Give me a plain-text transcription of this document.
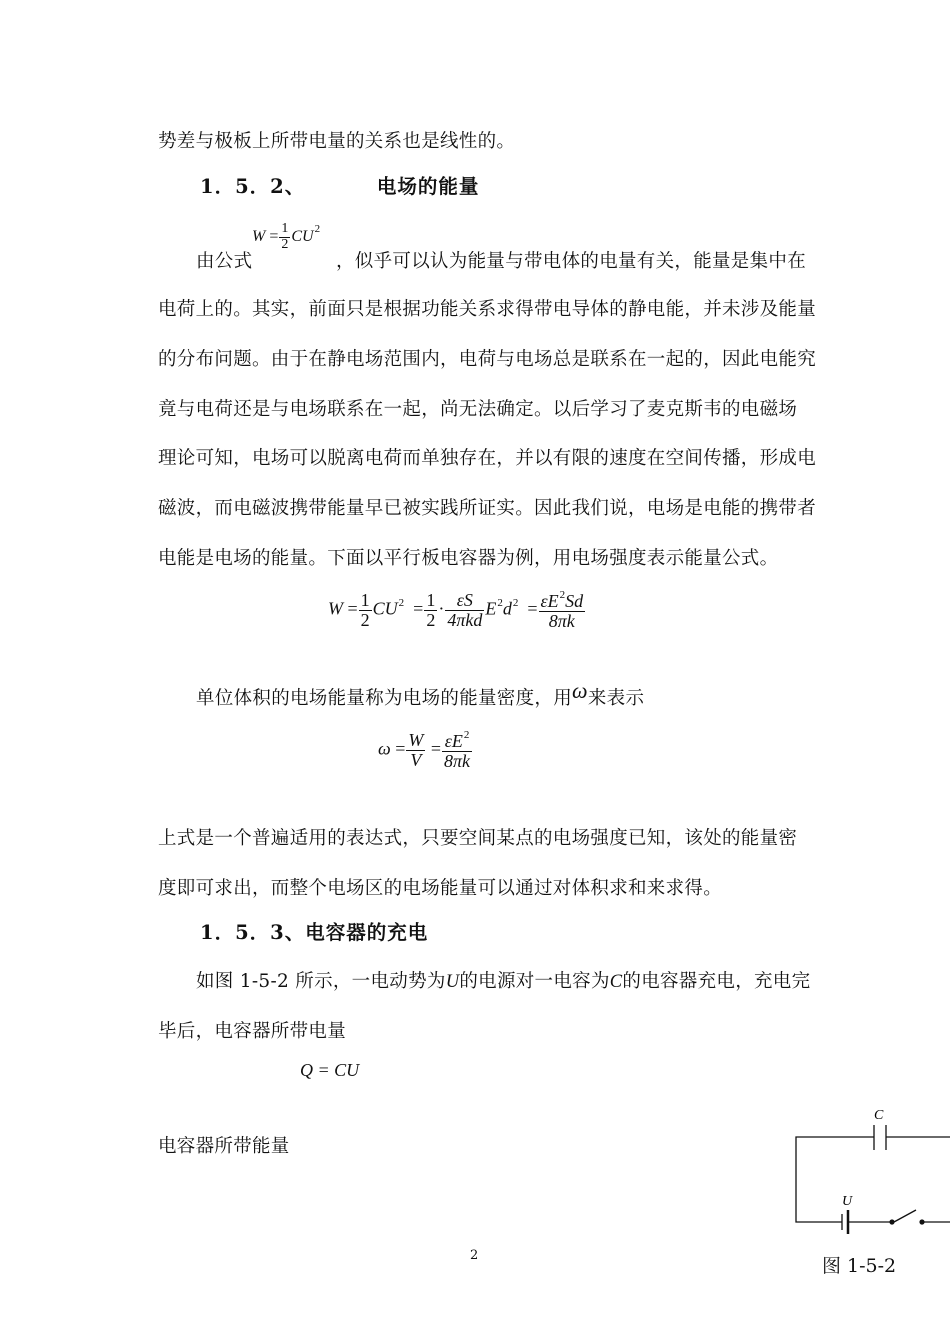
势差与极板上所带电量的关系也是线性的。
1．5．2、	电场的能量
由公式
$W = \frac{1}{2} CU^2$
，似乎可以认为能量与带电体的电量有关，能量是集中在
电荷上的。其实，前面只是根据功能关系求得带电导体的静电能，并未涉及能量
的分布问题。由于在静电场范围内，电荷与电场总是联系在一起的，因此电能究
竟与电荷还是与电场联系在一起，尚无法确定。以后学习了麦克斯韦的电磁场
理论可知，电场可以脱离电荷而单独存在，并以有限的速度在空间传播，形成电
磁波，而电磁波携带能量早已被实践所证实。因此我们说，电场是电能的携带者
电能是电场的能量。下面以平行板电容器为例，用电场强度表示能量公式。
$W = \frac{1}{2} CU^2 = \frac{1}{2} \cdot \frac{\varepsilon S}{\text{4πkd}} E^2d^2 = \frac{\varepsilon E^2Sd}{8\pi k}$
单位体积的电场能量称为电场的能量密度，用ω来表示
$\omega = \frac{W}{V} = \frac{\varepsilon E^2}{8\pi k}$
上式是一个普遍适用的表达式，只要空间某点的电场强度已知，该处的能量密
度即可求出，而整个电场区的电场能量可以通过对体积求和来求得。
1．5．3、电容器的充电
如图 1-5-2 所示，一电动势为U的电源对一电容为C的电容器充电，充电完
毕后，电容器所带电量
Q = CU
电容器所带能量
C
U
图 1-5-2
2
